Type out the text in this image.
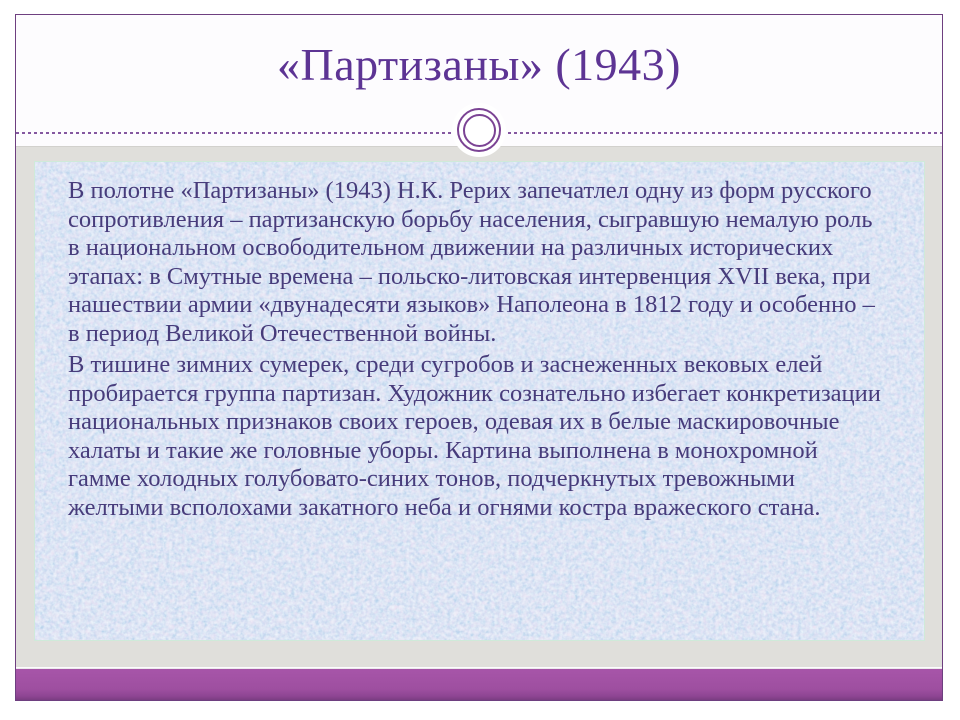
«Партизаны» (1943)

В полотне «Партизаны» (1943) Н.К. Рерих запечатлел одну из форм русского сопротивления – партизанскую борьбу населения, сыгравшую немалую роль в национальном освободительном движении на различных исторических этапах: в Смутные времена – польско-литовская интервенция XVII века, при нашествии армии «двунадесяти языков» Наполеона в 1812 году и особенно – в период Великой Отечественной войны.

В тишине зимних сумерек, среди сугробов и заснеженных вековых елей пробирается группа партизан. Художник сознательно избегает конкретизации национальных признаков своих героев, одевая их в белые маскировочные халаты и такие же головные уборы. Картина выполнена в монохромной гамме холодных голубовато-синих тонов, подчеркнутых тревожными желтыми всполохами закатного неба и огнями костра вражеского стана.
